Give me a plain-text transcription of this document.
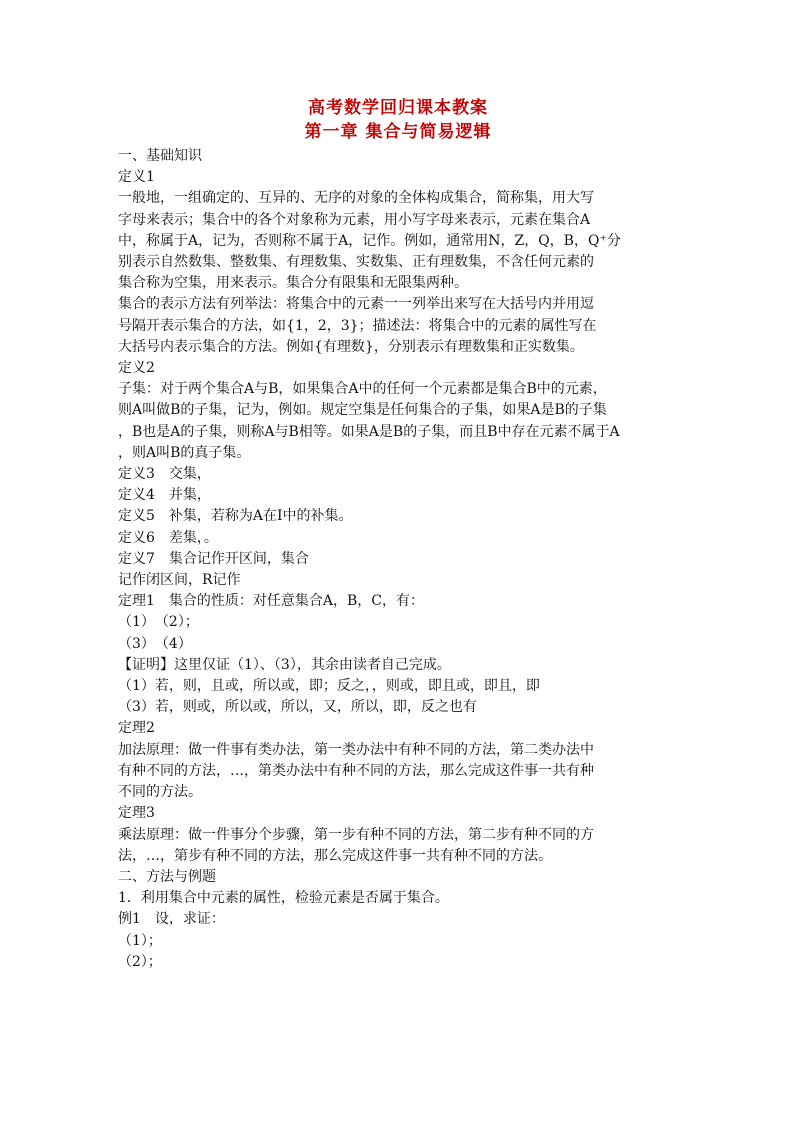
高考数学回归课本教案
第一章 集合与简易逻辑
一、基础知识
定义1
一般地，一组确定的、互异的、无序的对象的全体构成集合，简称集，用大写
字母来表示；集合中的各个对象称为元素，用小写字母来表示，元素在集合A
中，称属于A，记为，否则称不属于A，记作。例如，通常用N，Z，Q，B，Q⁺分
别表示自然数集、整数集、有理数集、实数集、正有理数集，不含任何元素的
集合称为空集，用来表示。集合分有限集和无限集两种。
集合的表示方法有列举法：将集合中的元素一一列举出来写在大括号内并用逗
号隔开表示集合的方法，如{1，2，3}；描述法：将集合中的元素的属性写在
大括号内表示集合的方法。例如{有理数}，分别表示有理数集和正实数集。
定义2
子集：对于两个集合A与B，如果集合A中的任何一个元素都是集合B中的元素，
则A叫做B的子集，记为，例如。规定空集是任何集合的子集，如果A是B的子集
，B也是A的子集，则称A与B相等。如果A是B的子集，而且B中存在元素不属于A
，则A叫B的真子集。
定义3　交集，
定义4　并集，
定义5　补集，若称为A在I中的补集。
定义6　差集，。
定义7　集合记作开区间，集合
记作闭区间，R记作
定理1　集合的性质：对任意集合A，B，C，有：
（1）　（2）；
（3）　（4）
【证明】这里仅证（1）、（3），其余由读者自己完成。
（1）若，则，且或，所以或，即；反之，，则或，即且或，即且，即
（3）若，则或，所以或，所以，又，所以，即，反之也有
定理2
加法原理：做一件事有类办法，第一类办法中有种不同的方法，第二类办法中
有种不同的方法，…，第类办法中有种不同的方法，那么完成这件事一共有种
不同的方法。
定理3
乘法原理：做一件事分个步骤，第一步有种不同的方法，第二步有种不同的方
法，…，第步有种不同的方法，那么完成这件事一共有种不同的方法。
二、方法与例题
1．利用集合中元素的属性，检验元素是否属于集合。
例1　设，求证：
（1）；
（2）；
